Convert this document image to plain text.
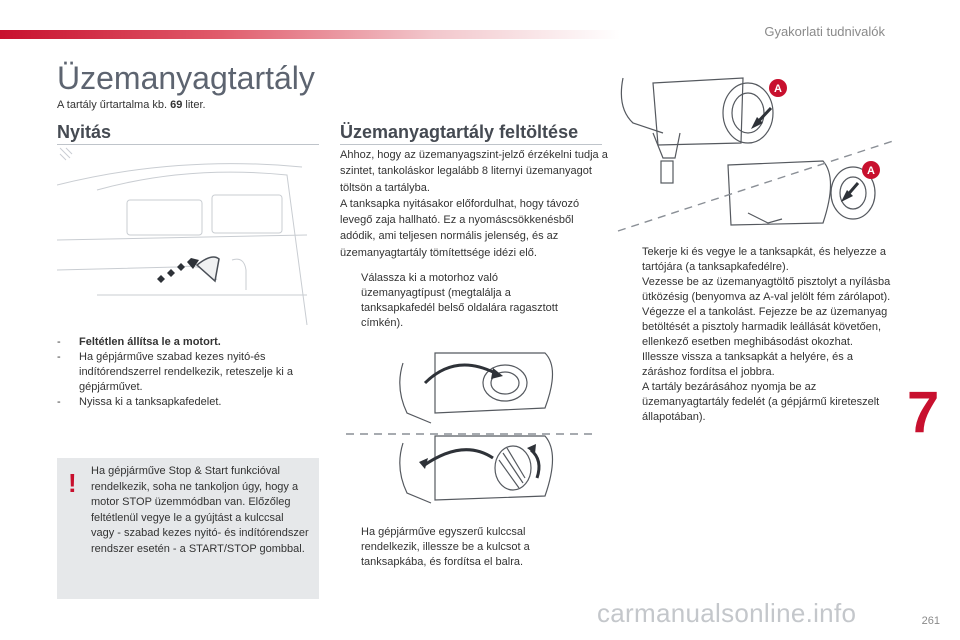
Gyakorlati tudnivalók
Üzemanyagtartály
A tartály űrtartalma kb. 69 liter.
Nyitás
-	Feltétlen állítsa le a motort.
-	Ha gépjárműve szabad kezes nyitó-és indítórendszerrel rendelkezik, reteszelje ki a gépjárművet.
-	Nyissa ki a tanksapkafedelet.
! Ha gépjárműve Stop & Start funkcióval rendelkezik, soha ne tankoljon úgy, hogy a motor STOP üzemmódban van. Előzőleg feltétlenül vegye le a gyújtást a kulccsal vagy - szabad kezes nyitó- és indítórendszer rendszer esetén - a START/STOP gombbal.
Üzemanyagtartály feltöltése
Ahhoz, hogy az üzemanyagszint-jelző érzékelni tudja a szintet, tankoláskor legalább 8 liternyi üzemanyagot töltsön a tartályba.
A tanksapka nyitásakor előfordulhat, hogy távozó levegő zaja hallható. Ez a nyomáscsökkenésből adódik, ami teljesen normális jelenség, és az üzemanyagtartály tömítettsége idézi elő.
Válassza ki a motorhoz való üzemanyagtípust (megtalálja a tanksapkafedél belső oldalára ragasztott címkén).
Ha gépjárműve egyszerű kulccsal rendelkezik, illessze be a kulcsot a tanksapkába, és fordítsa el balra.
A
A
Tekerje ki és vegye le a tanksapkát, és helyezze a tartójára (a tanksapkafedélre).
Vezesse be az üzemanyagtöltő pisztolyt a nyílásba ütközésig (benyomva az A-val jelölt fém zárólapot).
Végezze el a tankolást. Fejezze be az üzemanyag betöltését a pisztoly harmadik leállását követően, ellenkező esetben meghibásodást okozhat.
Illessze vissza a tanksapkát a helyére, és a záráshoz fordítsa el jobbra.
A tartály bezárásához nyomja be az üzemanyagtartály fedelét (a gépjármű kireteszelt állapotában).	7
carmanualsonline.info	261
